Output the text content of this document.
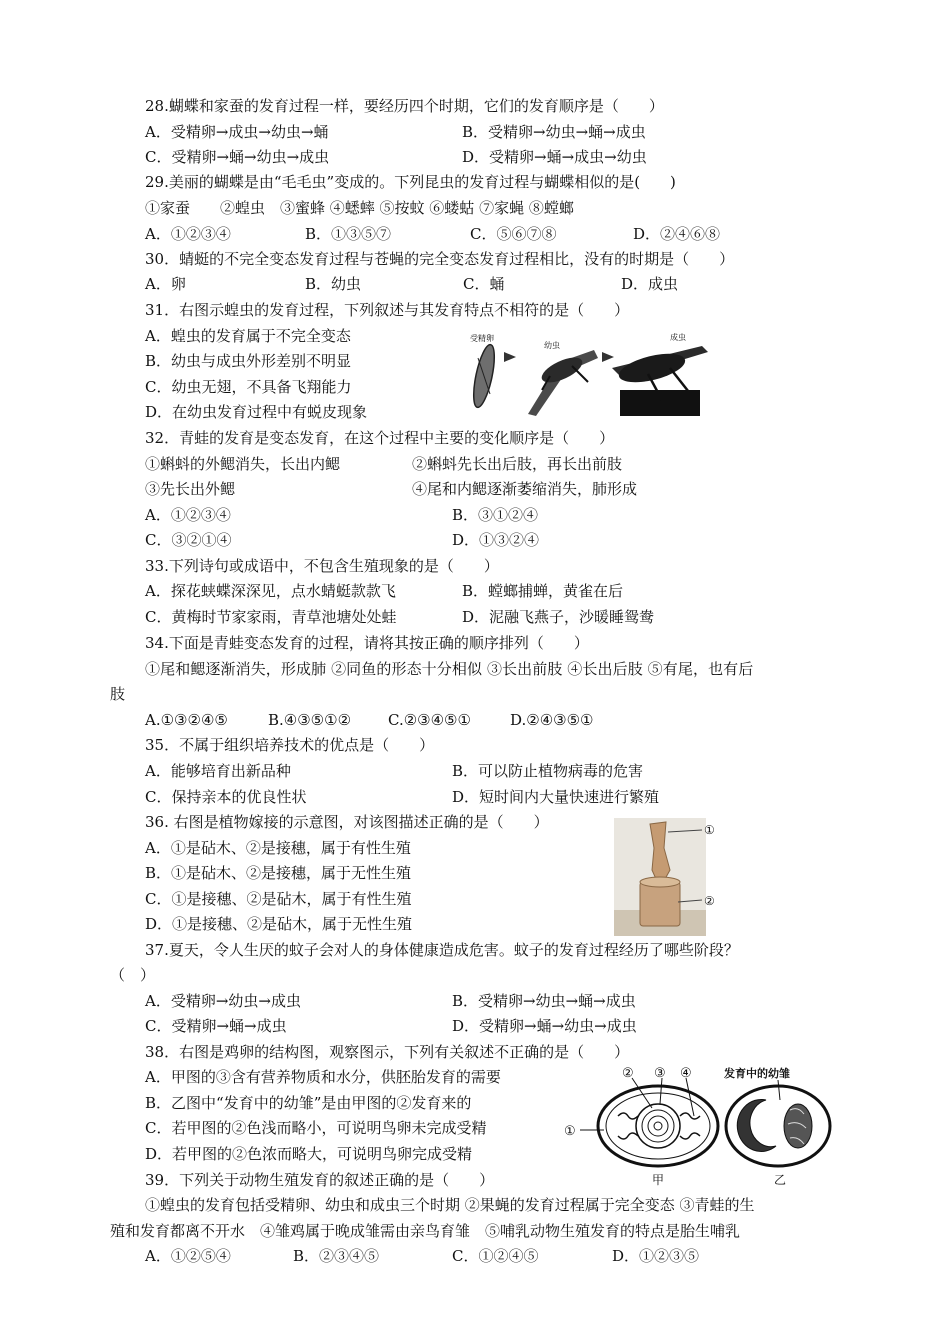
28.蝴蝶和家蚕的发育过程一样，要经历四个时期，它们的发育顺序是（　　）
A．受精卵→成虫→幼虫→蛹	B．受精卵→幼虫→蛹→成虫
C．受精卵→蛹→幼虫→成虫	D．受精卵→蛹→成虫→幼虫
29.美丽的蝴蝶是由“毛毛虫”变成的。下列昆虫的发育过程与蝴蝶相似的是(　　)
①家蚕　　②蝗虫　③蜜蜂 ④蟋蟀 ⑤按蚊 ⑥蝼蛄 ⑦家蝇 ⑧螳螂
A．①②③④	B．①③⑤⑦	C．⑤⑥⑦⑧	D．②④⑥⑧
30．蜻蜓的不完全变态发育过程与苍蝇的完全变态发育过程相比，没有的时期是（　　）
A．卵	B．幼虫	C．蛹	D．成虫
31．右图示蝗虫的发育过程，下列叙述与其发育特点不相符的是（　　）
A．蝗虫的发育属于不完全变态
B．幼虫与成虫外形差别不明显
C．幼虫无翅，不具备飞翔能力
D．在幼虫发育过程中有蜕皮现象
受精卵
幼虫
成虫
32．青蛙的发育是变态发育，在这个过程中主要的变化顺序是（　　）
①蝌蚪的外鳃消失，长出内鳃	②蝌蚪先长出后肢，再长出前肢
③先长出外鳃	④尾和内鳃逐渐萎缩消失，肺形成
A．①②③④	B．③①②④
C．③②①④	D．①③②④
33.下列诗句或成语中，不包含生殖现象的是（　　）
A．探花蛱蝶深深见，点水蜻蜓款款飞	B．螳螂捕蝉，黄雀在后
C．黄梅时节家家雨，青草池塘处处蛙	D．泥融飞燕子，沙暖睡鸳鸯
34.下面是青蛙变态发育的过程，请将其按正确的顺序排列（　　）
①尾和鳃逐渐消失，形成肺 ②同鱼的形态十分相似 ③长出前肢 ④长出后肢 ⑤有尾，也有后
肢
A.①③②④⑤	B.④③⑤①② C.②③④⑤①	D.②④③⑤①
35．不属于组织培养技术的优点是（　　）
A．能够培育出新品种	B．可以防止植物病毒的危害
C．保持亲本的优良性状	D．短时间内大量快速进行繁殖
36. 右图是植物嫁接的示意图，对该图描述正确的是（　　）
A．①是砧木、②是接穗，属于有性生殖
B．①是砧木、②是接穗，属于无性生殖
C．①是接穗、②是砧木，属于有性生殖
D．①是接穗、②是砧木，属于无性生殖
①
②
37.夏天，令人生厌的蚊子会对人的身体健康造成危害。蚊子的发育过程经历了哪些阶段？
（　）
A．受精卵→幼虫→成虫	B．受精卵→幼虫→蛹→成虫
C．受精卵→蛹→成虫	D．受精卵→蛹→幼虫→成虫
38．右图是鸡卵的结构图，观察图示，下列有关叙述不正确的是（　　）
A．甲图的③含有营养物质和水分，供胚胎发育的需要
B．乙图中“发育中的幼雏”是由甲图的②发育来的
C．若甲图的②色浅而略小，可说明鸟卵未完成受精
D．若甲图的②色浓而略大，可说明鸟卵完成受精
①
② ③ ④
甲
发育中的幼雏
乙
39．下列关于动物生殖发育的叙述正确的是（　　）
①蝗虫的发育包括受精卵、幼虫和成虫三个时期 ②果蝇的发育过程属于完全变态 ③青蛙的生
殖和发育都离不开水　④雏鸡属于晚成雏需由亲鸟育雏　⑤哺乳动物生殖发育的特点是胎生哺乳
A．①②⑤④	B．②③④⑤	C．①②④⑤	D．①②③⑤
